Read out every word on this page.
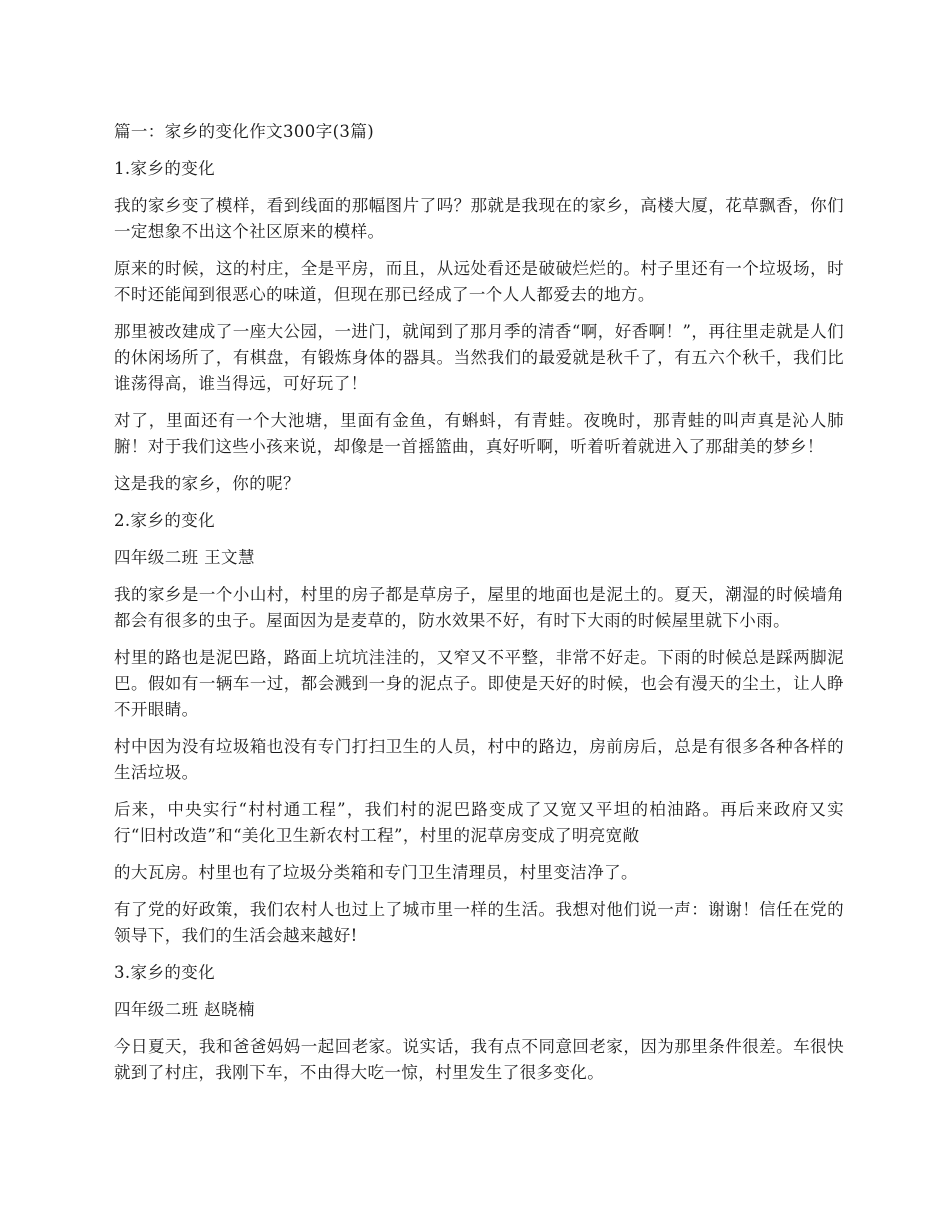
篇一：家乡的变化作文300字(3篇)

1.家乡的变化

我的家乡变了模样，看到线面的那幅图片了吗？那就是我现在的家乡，高楼大厦，花草飘香，你们一定想象不出这个社区原来的模样。

原来的时候，这的村庄，全是平房，而且，从远处看还是破破烂烂的。村子里还有一个垃圾场，时不时还能闻到很恶心的味道，但现在那已经成了一个人人都爱去的地方。

那里被改建成了一座大公园，一进门，就闻到了那月季的清香“啊，好香啊！”，再往里走就是人们的休闲场所了，有棋盘，有锻炼身体的器具。当然我们的最爱就是秋千了，有五六个秋千，我们比谁荡得高，谁当得远，可好玩了！

对了，里面还有一个大池塘，里面有金鱼，有蝌蚪，有青蛙。夜晚时，那青蛙的叫声真是沁人肺腑！对于我们这些小孩来说，却像是一首摇篮曲，真好听啊，听着听着就进入了那甜美的梦乡！

这是我的家乡，你的呢？

2.家乡的变化

四年级二班 王文慧

我的家乡是一个小山村，村里的房子都是草房子，屋里的地面也是泥土的。夏天，潮湿的时候墙角都会有很多的虫子。屋面因为是麦草的，防水效果不好，有时下大雨的时候屋里就下小雨。

村里的路也是泥巴路，路面上坑坑洼洼的，又窄又不平整，非常不好走。下雨的时候总是踩两脚泥巴。假如有一辆车一过，都会溅到一身的泥点子。即使是天好的时候，也会有漫天的尘土，让人睁不开眼睛。

村中因为没有垃圾箱也没有专门打扫卫生的人员，村中的路边，房前房后，总是有很多各种各样的生活垃圾。

后来，中央实行“村村通工程”，我们村的泥巴路变成了又宽又平坦的柏油路。再后来政府又实行“旧村改造”和“美化卫生新农村工程”，村里的泥草房变成了明亮宽敞

的大瓦房。村里也有了垃圾分类箱和专门卫生清理员，村里变洁净了。

有了党的好政策，我们农村人也过上了城市里一样的生活。我想对他们说一声：谢谢！信任在党的领导下，我们的生活会越来越好!

3.家乡的变化

四年级二班 赵晓楠

今日夏天，我和爸爸妈妈一起回老家。说实话，我有点不同意回老家，因为那里条件很差。车很快就到了村庄，我刚下车，不由得大吃一惊，村里发生了很多变化。
